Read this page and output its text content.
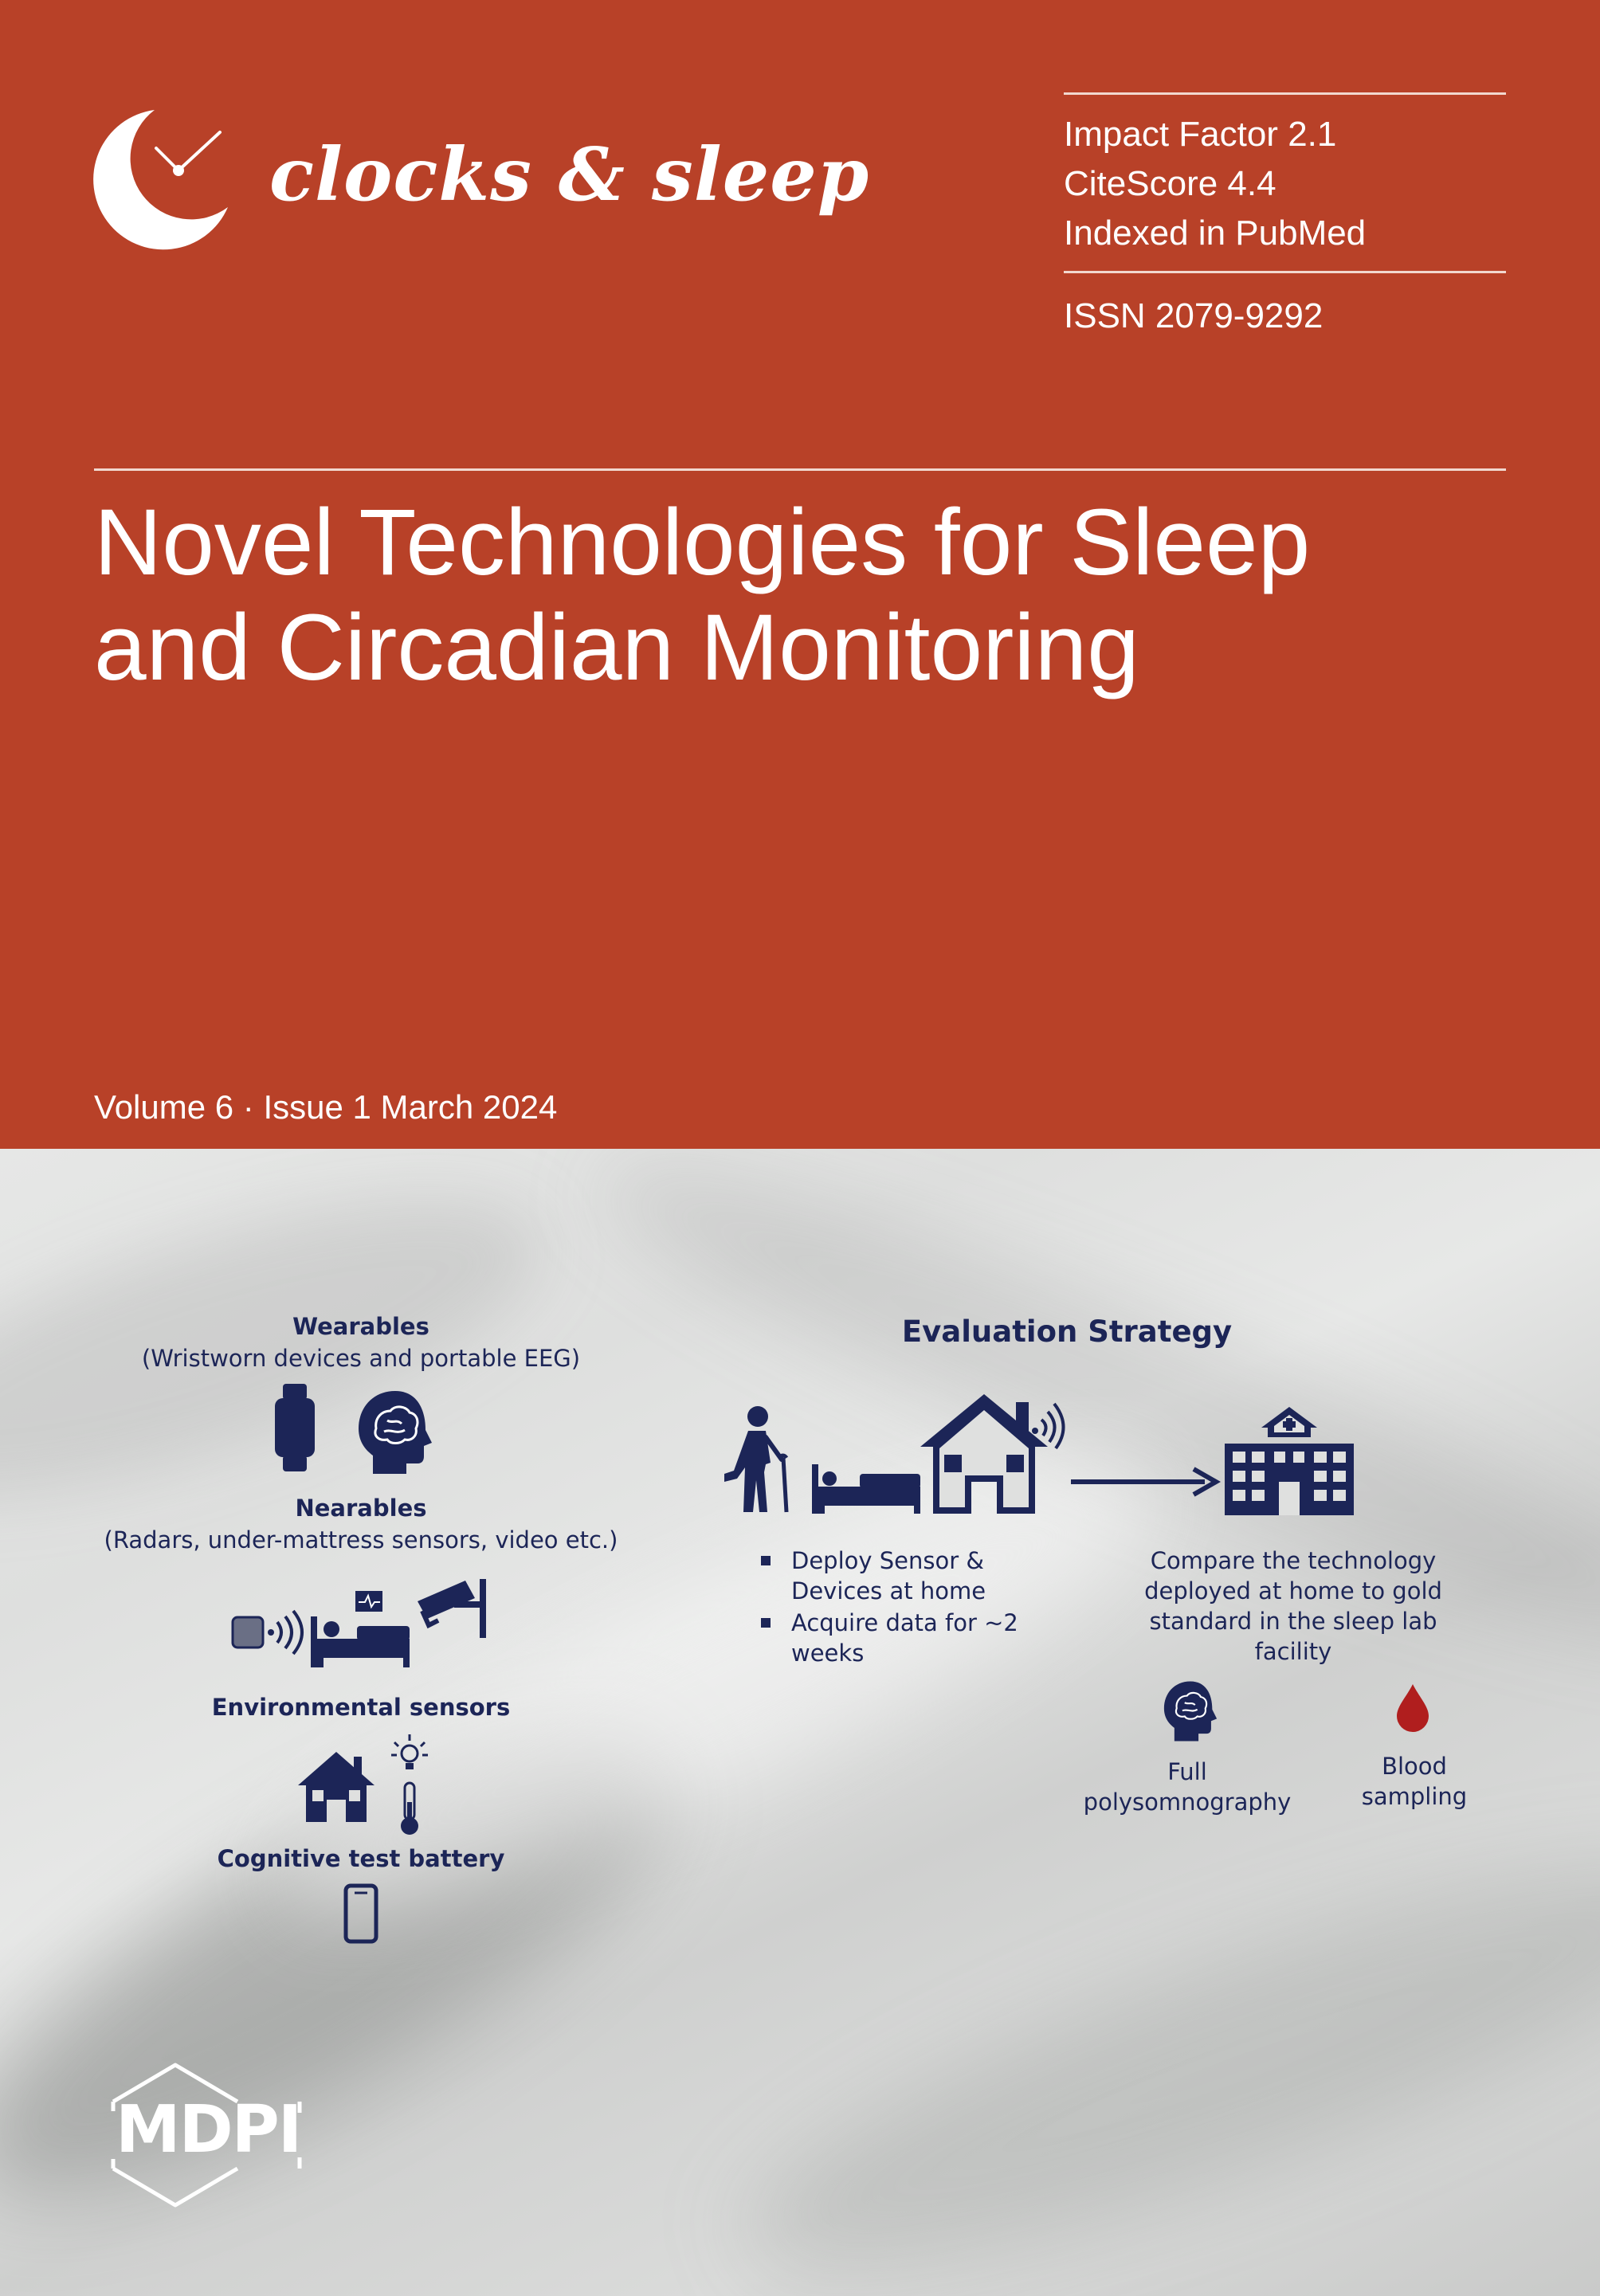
clocks & sleep	Impact Factor 2.1
CiteScore 4.4
Indexed in PubMed
ISSN 2079-9292
Novel Technologies for Sleep
and Circadian Monitoring
Volume 6 · Issue 1 March 2024
Wearables
(Wristworn devices and portable EEG)
Nearables
(Radars, under-mattress sensors, video etc.)
Environmental sensors
Cognitive test battery
Evaluation Strategy
Deploy Sensor &
Devices at home
Acquire data for ~2
weeks
Compare the technology
deployed at home to gold
standard in the sleep lab
facility
Full
polysomnography
Blood
sampling
MDPI
